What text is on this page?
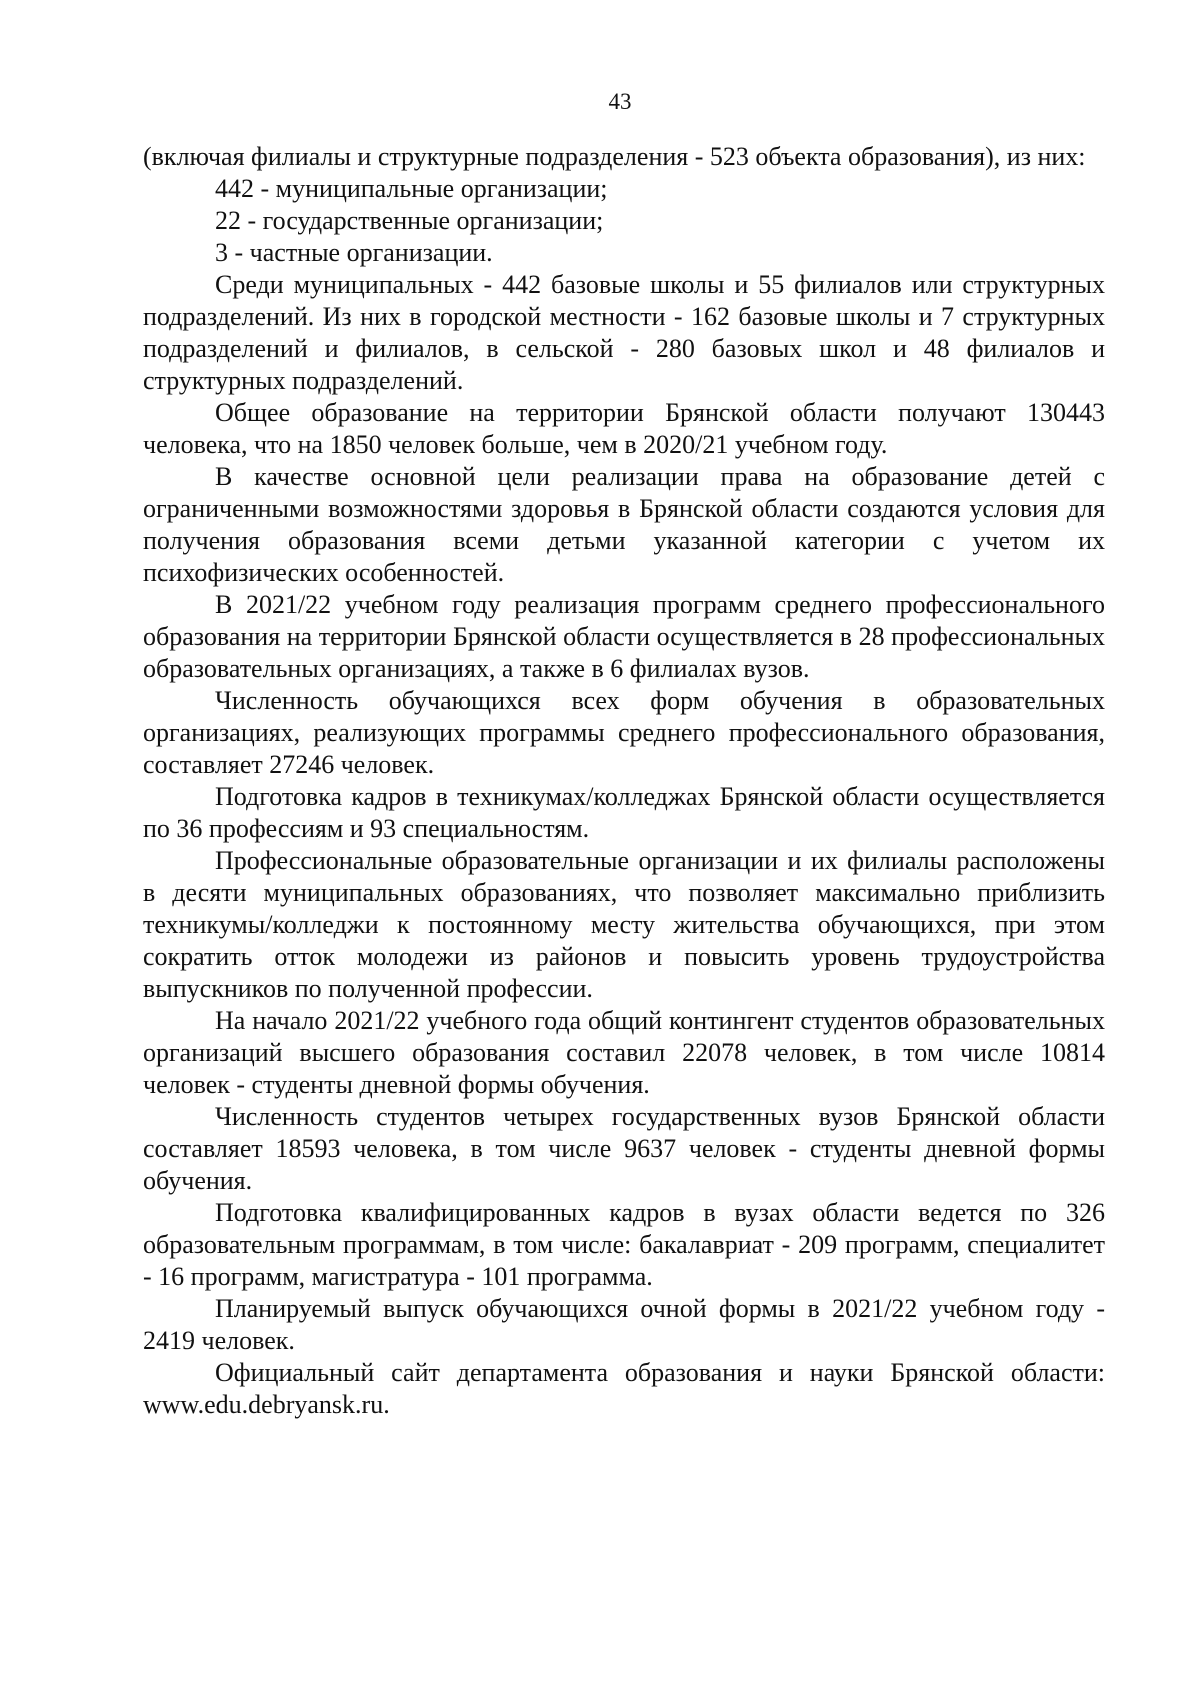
43

(включая филиалы и структурные подразделения - 523 объекта образования), из них:

442 - муниципальные организации;

22 - государственные организации;

3 - частные организации.

Среди муниципальных - 442 базовые школы и 55 филиалов или структурных подразделений. Из них в городской местности - 162 базовые школы и 7 структурных подразделений и филиалов, в сельской - 280 базовых школ и 48 филиалов и структурных подразделений.

Общее образование на территории Брянской области получают 130443 человека, что на 1850 человек больше, чем в 2020/21 учебном году.

В качестве основной цели реализации права на образование детей с ограниченными возможностями здоровья в Брянской области создаются условия для получения образования всеми детьми указанной категории с учетом их психофизических особенностей.

В 2021/22 учебном году реализация программ среднего профессионального образования на территории Брянской области осуществляется в 28 профессиональных образовательных организациях, а также в 6 филиалах вузов.

Численность обучающихся всех форм обучения в образовательных организациях, реализующих программы среднего профессионального образования, составляет 27246 человек.

Подготовка кадров в техникумах/колледжах Брянской области осуществляется по 36 профессиям и 93 специальностям.

Профессиональные образовательные организации и их филиалы расположены в десяти муниципальных образованиях, что позволяет максимально приблизить техникумы/колледжи к постоянному месту жительства обучающихся, при этом сократить отток молодежи из районов и повысить уровень трудоустройства выпускников по полученной профессии.

На начало 2021/22 учебного года общий контингент студентов образовательных организаций высшего образования составил 22078 человек, в том числе 10814 человек - студенты дневной формы обучения.

Численность студентов четырех государственных вузов Брянской области составляет 18593 человека, в том числе 9637 человек - студенты дневной формы обучения.

Подготовка квалифицированных кадров в вузах области ведется по 326 образовательным программам, в том числе: бакалавриат - 209 программ, специалитет - 16 программ, магистратура - 101 программа.

Планируемый выпуск обучающихся очной формы в 2021/22 учебном году - 2419 человек.

Официальный сайт департамента образования и науки Брянской области: www.edu.debryansk.ru.
